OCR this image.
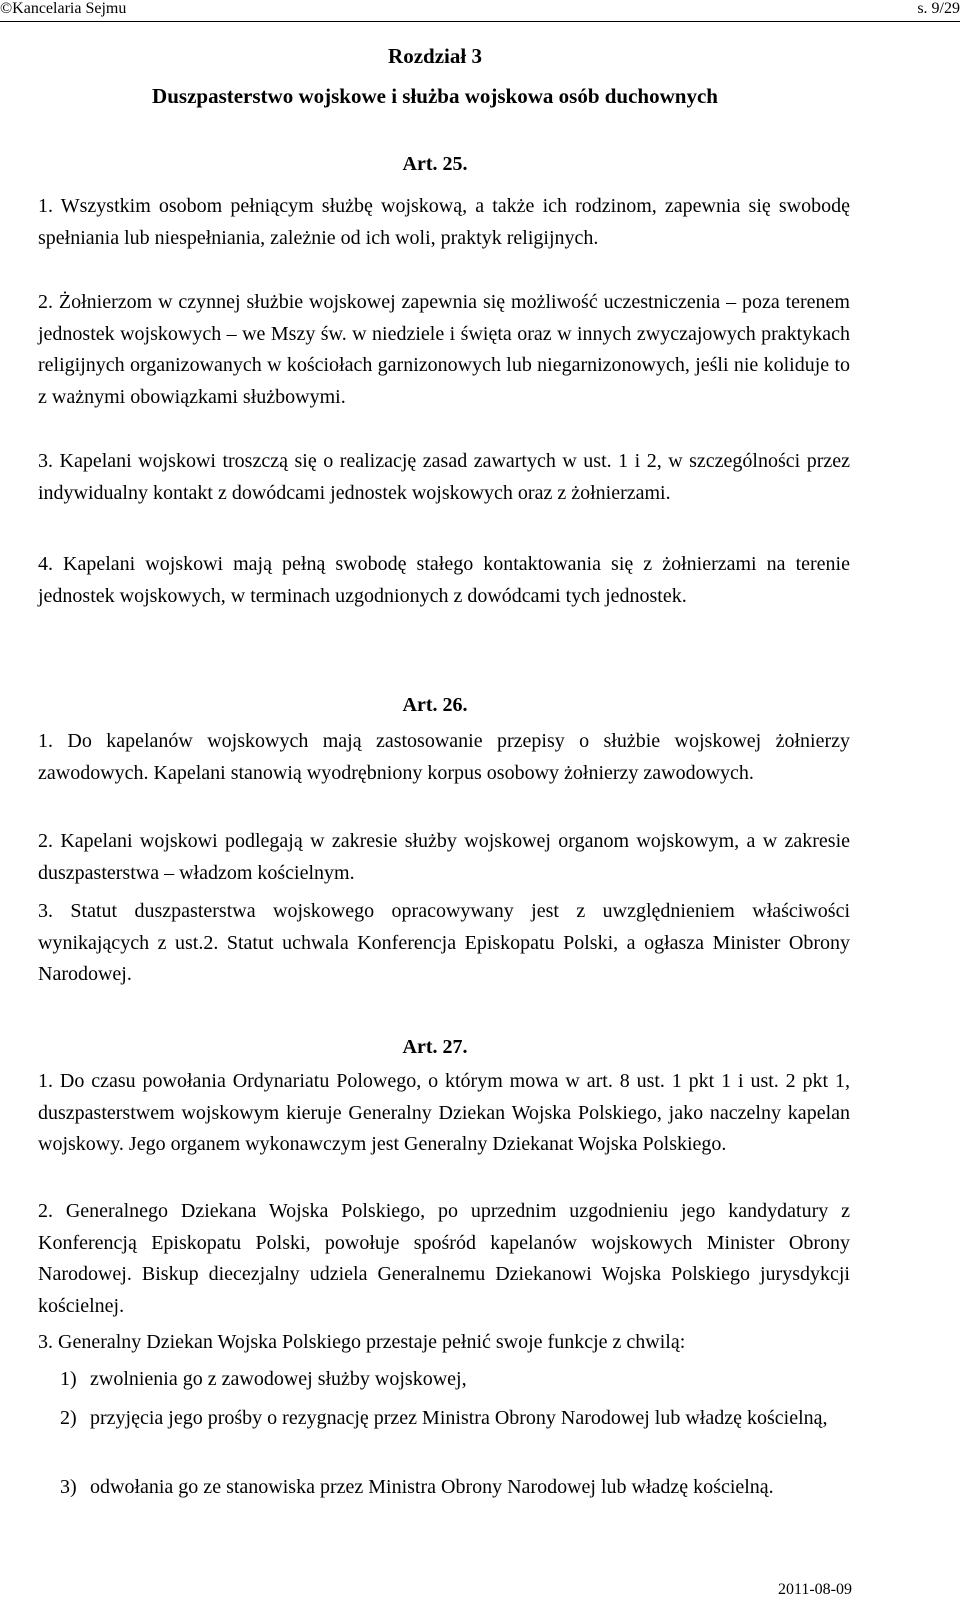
©Kancelaria Sejmu	s. 9/29
Rozdział 3
Duszpasterstwo wojskowe i służba wojskowa osób duchownych
Art. 25.
1. Wszystkim osobom pełniącym służbę wojskową, a także ich rodzinom, zapewnia się swobodę spełniania lub niespełniania, zależnie od ich woli, praktyk religijnych.
2. Żołnierzom w czynnej służbie wojskowej zapewnia się możliwość uczestniczenia – poza terenem jednostek wojskowych – we Mszy św. w niedziele i święta oraz w innych zwyczajowych praktykach religijnych organizowanych w kościołach garnizonowych lub niegarnizonowych, jeśli nie koliduje to z ważnymi obowiązkami służbowymi.
3. Kapelani wojskowi troszczą się o realizację zasad zawartych w ust. 1 i 2, w szczególności przez indywidualny kontakt z dowódcami jednostek wojskowych oraz z żołnierzami.
4. Kapelani wojskowi mają pełną swobodę stałego kontaktowania się z żołnierzami na terenie jednostek wojskowych, w terminach uzgodnionych z dowódcami tych jednostek.
Art. 26.
1. Do kapelanów wojskowych mają zastosowanie przepisy o służbie wojskowej żołnierzy zawodowych. Kapelani stanowią wyodrębniony korpus osobowy żołnierzy zawodowych.
2. Kapelani wojskowi podlegają w zakresie służby wojskowej organom wojskowym, a w zakresie duszpasterstwa – władzom kościelnym.
3. Statut duszpasterstwa wojskowego opracowywany jest z uwzględnieniem właściwości wynikających z ust.2. Statut uchwala Konferencja Episkopatu Polski, a ogłasza Minister Obrony Narodowej.
Art. 27.
1. Do czasu powołania Ordynariatu Polowego, o którym mowa w art. 8 ust. 1 pkt 1 i ust. 2 pkt 1, duszpasterstwem wojskowym kieruje Generalny Dziekan Wojska Polskiego, jako naczelny kapelan wojskowy. Jego organem wykonawczym jest Generalny Dziekanat Wojska Polskiego.
2. Generalnego Dziekana Wojska Polskiego, po uprzednim uzgodnieniu jego kandydatury z Konferencją Episkopatu Polski, powołuje spośród kapelanów wojskowych Minister Obrony Narodowej. Biskup diecezjalny udziela Generalnemu Dziekanowi Wojska Polskiego jurysdykcji kościelnej.
3. Generalny Dziekan Wojska Polskiego przestaje pełnić swoje funkcje z chwilą:
1) zwolnienia go z zawodowej służby wojskowej,
2) przyjęcia jego prośby o rezygnację przez Ministra Obrony Narodowej lub władzę kościelną,
3) odwołania go ze stanowiska przez Ministra Obrony Narodowej lub władzę kościelną.
2011-08-09
